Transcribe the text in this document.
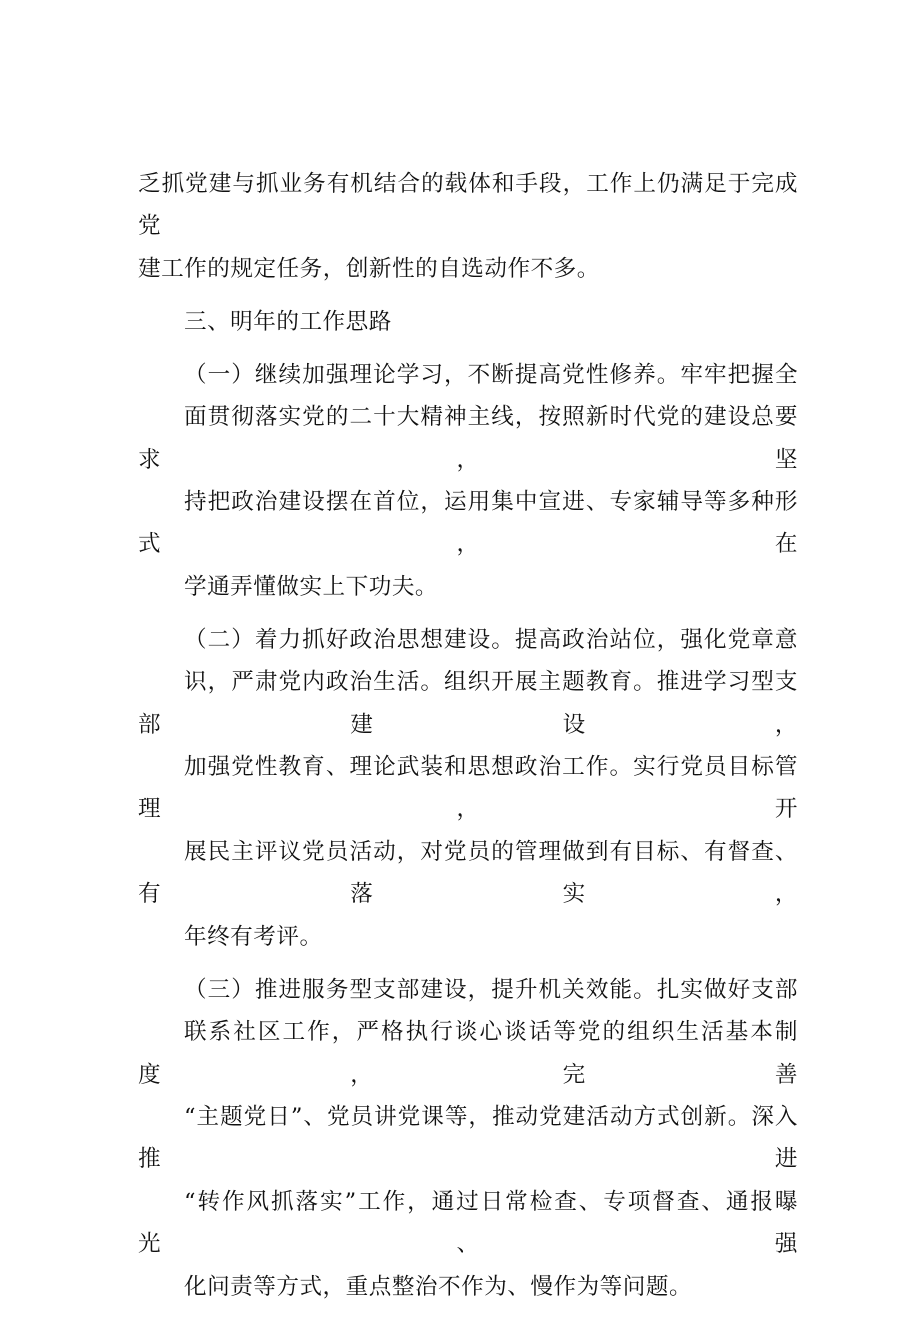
乏抓党建与抓业务有机结合的载体和手段，工作上仍满足于完成党
建工作的规定任务，创新性的自选动作不多。
三、明年的工作思路
（一）继续加强理论学习，不断提高党性修养。牢牢把握全
面贯彻落实党的二十大精神主线，按照新时代党的建设总要求，坚
持把政治建设摆在首位，运用集中宣进、专家辅导等多种形式，在
学通弄懂做实上下功夫。
（二）着力抓好政治思想建设。提高政治站位，强化党章意
识，严肃党内政治生活。组织开展主题教育。推进学习型支部建设，
加强党性教育、理论武装和思想政治工作。实行党员目标管理，开
展民主评议党员活动，对党员的管理做到有目标、有督查、有落实，
年终有考评。
（三）推进服务型支部建设，提升机关效能。扎实做好支部
联系社区工作，严格执行谈心谈话等党的组织生活基本制度，完善
“主题党日”、党员讲党课等，推动党建活动方式创新。深入推进
“转作风抓落实”工作，通过日常检查、专项督查、通报曝光、强
化问责等方式，重点整治不作为、慢作为等问题。
